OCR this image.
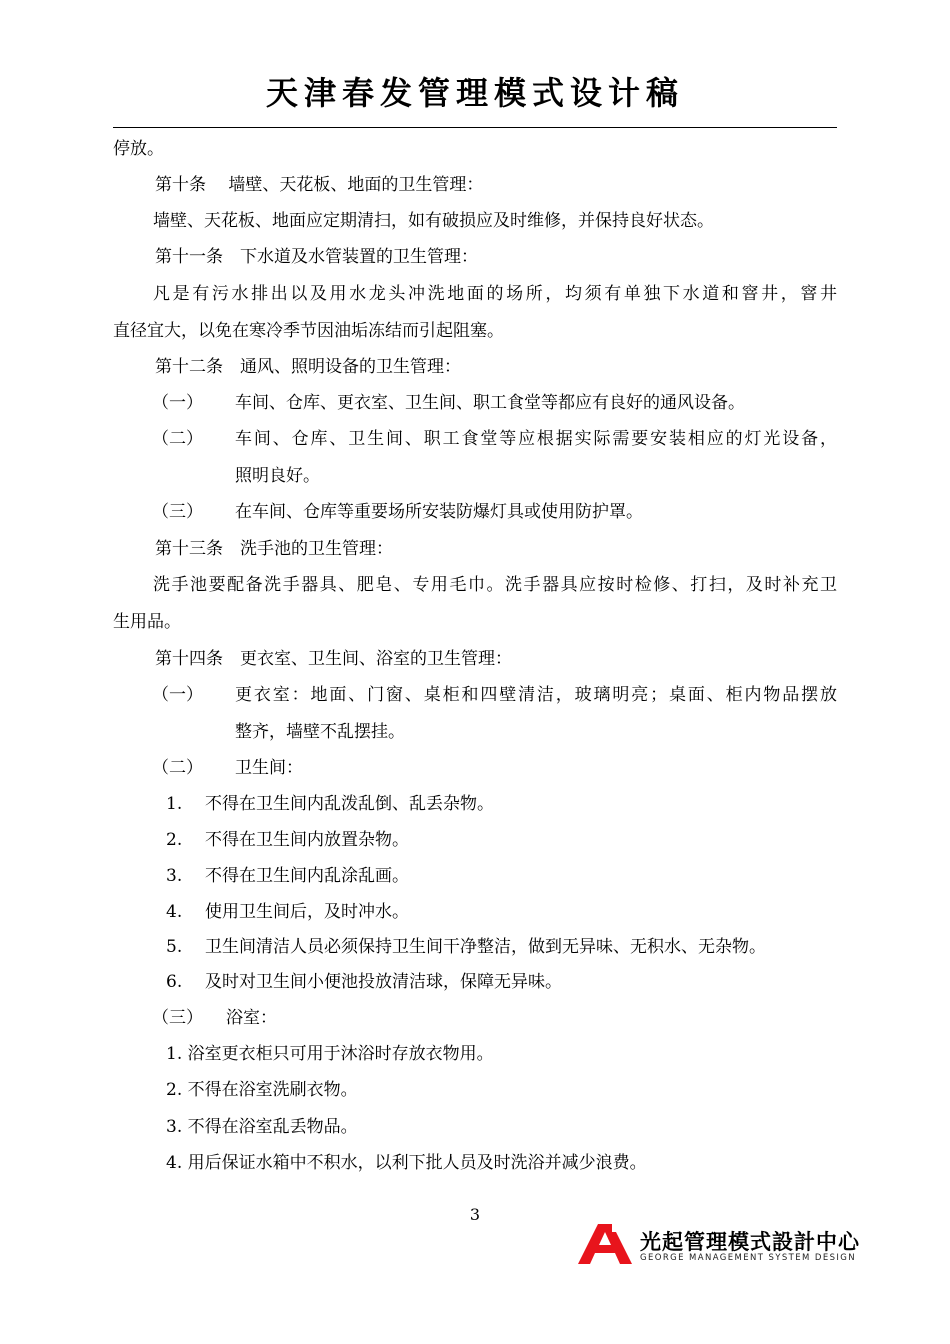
天津春发管理模式设计稿
停放。
第十条　 墙壁、天花板、地面的卫生管理：
墙壁、天花板、地面应定期清扫，如有破损应及时维修，并保持良好状态。
第十一条　下水道及水管装置的卫生管理：
凡是有污水排出以及用水龙头冲洗地面的场所，均须有单独下水道和窨井，窨井
直径宜大，以免在寒冷季节因油垢冻结而引起阻塞。
第十二条　通风、照明设备的卫生管理：
（一） 车间、仓库、更衣室、卫生间、职工食堂等都应有良好的通风设备。
（二） 车间、仓库、卫生间、职工食堂等应根据实际需要安装相应的灯光设备，
照明良好。
（三） 在车间、仓库等重要场所安装防爆灯具或使用防护罩。
第十三条　洗手池的卫生管理：
洗手池要配备洗手器具、肥皂、专用毛巾。洗手器具应按时检修、打扫，及时补充卫
生用品。
第十四条　更衣室、卫生间、浴室的卫生管理：
（一） 更衣室：地面、门窗、桌柜和四壁清洁，玻璃明亮；桌面、柜内物品摆放
整齐，墙壁不乱摆挂。
（二） 卫生间：
1. 不得在卫生间内乱泼乱倒、乱丢杂物。
2. 不得在卫生间内放置杂物。
3. 不得在卫生间内乱涂乱画。
4. 使用卫生间后，及时冲水。
5. 卫生间清洁人员必须保持卫生间干净整洁，做到无异味、无积水、无杂物。
6. 及时对卫生间小便池投放清洁球，保障无异味。
（三） 浴室：
1. 浴室更衣柜只可用于沐浴时存放衣物用。
2. 不得在浴室洗刷衣物。
3. 不得在浴室乱丢物品。
4. 用后保证水箱中不积水，以利下批人员及时洗浴并减少浪费。
3
光起管理模式設計中心
GEORGE MANAGEMENT SYSTEM DESIGN
